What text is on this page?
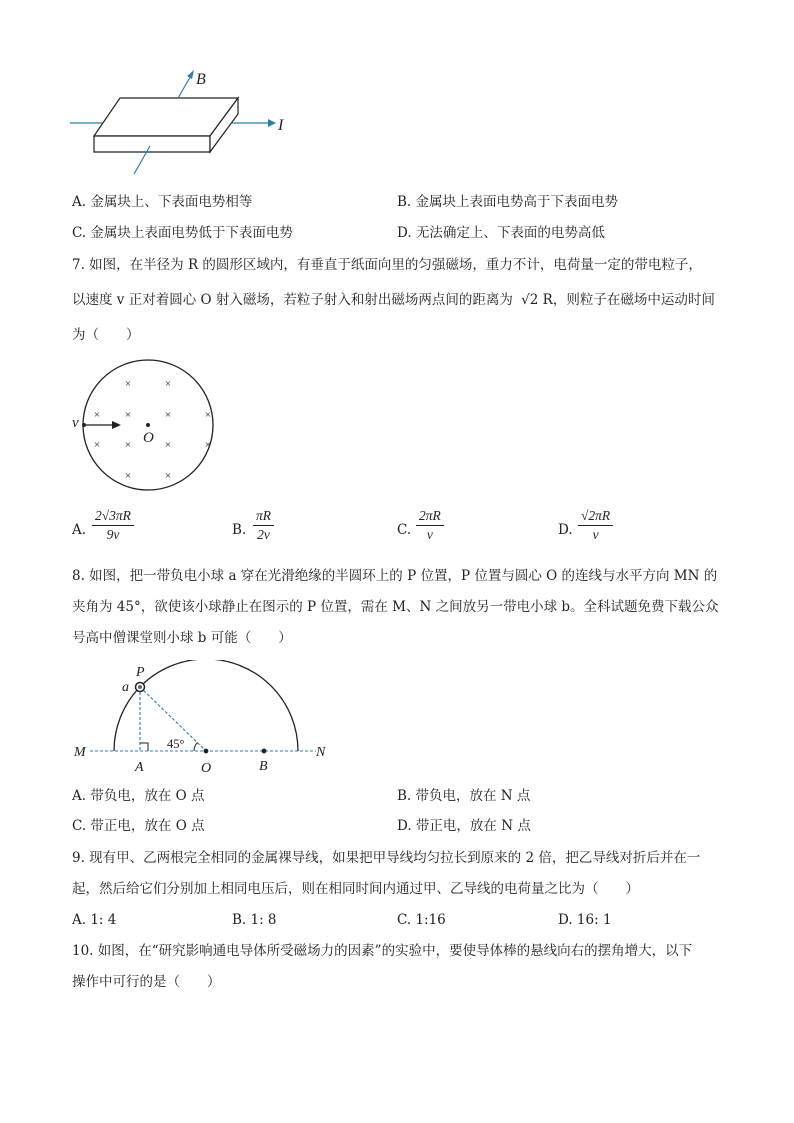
B
I
A. 金属块上、下表面电势相等	B. 金属块上表面电势高于下表面电势
C. 金属块上表面电势低于下表面电势	D. 无法确定上、下表面的电势高低
7. 如图，在半径为 R 的圆形区域内，有垂直于纸面向里的匀强磁场，重力不计，电荷量一定的带电粒子，
以速度 v 正对着圆心 O 射入磁场，若粒子射入和射出磁场两点间的距离为 √2 R，则粒子在磁场中运动时间
为（　　）
×	×
× ×	×	×
× ×	×	×
×	×
v
O
A. $\frac{2√3\pi R}{9v}$	B. $\frac{\pi R}{2v}$	C. $\frac{2\pi R}{v}$	D. $\frac{√2\pi R}{v}$
8. 如图，把一带负电小球 a 穿在光滑绝缘的半圆环上的 P 位置，P 位置与圆心 O 的连线与水平方向 MN 的
夹角为 45°，欲使该小球静止在图示的 P 位置，需在 M、N 之间放另一带电小球 b。全科试题免费下载公众
号高中僧课堂则小球 b 可能（　　）
P
a
M	N
A	O	B
45°
A. 带负电，放在 O 点	B. 带负电，放在 N 点
C. 带正电，放在 O 点	D. 带正电，放在 N 点
9. 现有甲、乙两根完全相同的金属裸导线，如果把甲导线均匀拉长到原来的 2 倍，把乙导线对折后并在一
起，然后给它们分别加上相同电压后，则在相同时间内通过甲、乙导线的电荷量之比为（　　）
A. 1: 4	B. 1: 8	C. 1:16	D. 16: 1
10. 如图，在“研究影响通电导体所受磁场力的因素”的实验中，要使导体棒的悬线向右的摆角增大，以下
操作中可行的是（　　）
